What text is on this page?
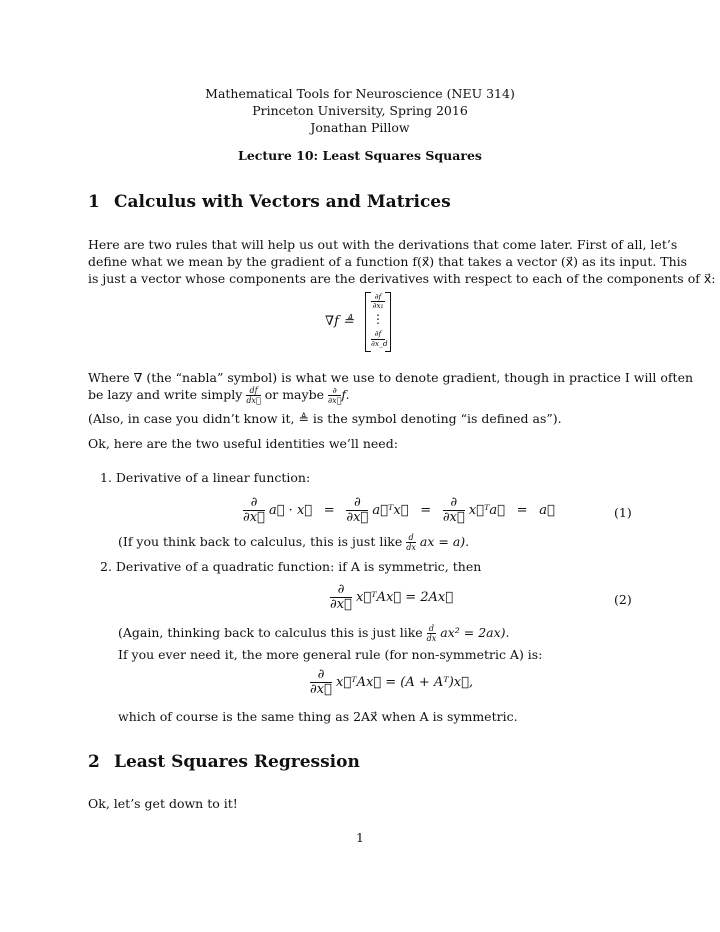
Mathematical Tools for Neuroscience (NEU 314)
Princeton University, Spring 2016
Jonathan Pillow
Lecture 10: Least Squares Squares
1 Calculus with Vectors and Matrices
Here are two rules that will help us out with the derivations that come later. First of all, let’s
define what we mean by the gradient of a function f(x⃗) that takes a vector (x⃗) as its input. This
is just a vector whose components are the derivatives with respect to each of the components of x⃗:
∇f ≜
∂f
∂x₁
⋮
∂f
∂x_d
Where ∇ (the “nabla” symbol) is what we use to denote gradient, though in practice I will often
be lazy and write simply $\frac{df}{dx⃗}$ or maybe	∂
∂x⃗ f.
(Also, in case you didn’t know it, ≜ is the symbol denoting “is defined as”).
Ok, here are the two useful identities we’ll need:
1. Derivative of a linear function:
$\frac{\partial}{\partial x⃗}$ a⃗ · x⃗ = $\frac{\partial}{\partial x⃗}$ a⃗ᵀx⃗ = $\frac{\partial}{\partial x⃗}$ x⃗ᵀa⃗ = a⃗	(1)
(If you think back to calculus, this is just like $\frac{d}{dx}$ ax = a).
2. Derivative of a quadratic function: if A is symmetric, then
$\frac{\partial}{\partial x⃗}$ x⃗ᵀAx⃗ = 2Ax⃗	(2)
(Again, thinking back to calculus this is just like $\frac{d}{dx} ax^2 = 2ax$).
If you ever need it, the more general rule (for non-symmetric A) is:
$\frac{\partial}{\partial x⃗}$ x⃗ᵀAx⃗ = (A + Aᵀ)x⃗,
which of course is the same thing as 2Ax⃗ when A is symmetric.
2 Least Squares Regression
Ok, let’s get down to it!
1
